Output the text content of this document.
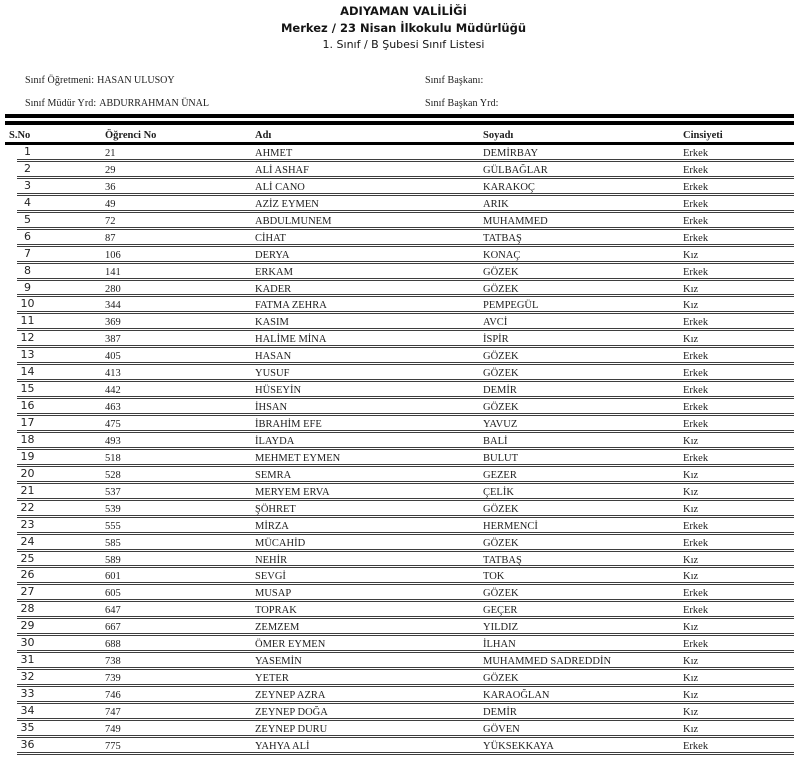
ADIYAMAN VALİLİĞİ
Merkez / 23 Nisan İlkokulu Müdürlüğü
1. Sınıf / B Şubesi Sınıf Listesi
Sınıf Öğretmeni: HASAN ULUSOY	Sınıf Başkanı:
Sınıf Müdür Yrd: ABDURRAHMAN ÜNAL	Sınıf Başkan Yrd:
S.No	Öğrenci No	Adı	Soyadı	Cinsiyeti
1	21	AHMET	DEMİRBAY	Erkek
2	29	ALİ ASHAF	GÜLBAĞLAR	Erkek
3	36	ALİ CANO	KARAKOÇ	Erkek
4	49	AZİZ EYMEN	ARIK	Erkek
5	72	ABDULMUNEM	MUHAMMED	Erkek
6	87	CİHAT	TATBAŞ	Erkek
7	106	DERYA	KONAÇ	Kız
8	141	ERKAM	GÖZEK	Erkek
9	280	KADER	GÖZEK	Kız
10	344	FATMA ZEHRA	PEMPEGÜL	Kız
11	369	KASIM	AVCİ	Erkek
12	387	HALİME MİNA	İSPİR	Kız
13	405	HASAN	GÖZEK	Erkek
14	413	YUSUF	GÖZEK	Erkek
15	442	HÜSEYİN	DEMİR	Erkek
16	463	İHSAN	GÖZEK	Erkek
17	475	İBRAHİM EFE	YAVUZ	Erkek
18	493	İLAYDA	BALİ	Kız
19	518	MEHMET EYMEN	BULUT	Erkek
20	528	SEMRA	GEZER	Kız
21	537	MERYEM ERVA	ÇELİK	Kız
22	539	ŞÖHRET	GÖZEK	Kız
23	555	MİRZA	HERMENCİ	Erkek
24	585	MÜCAHİD	GÖZEK	Erkek
25	589	NEHİR	TATBAŞ	Kız
26	601	SEVGİ	TOK	Kız
27	605	MUSAP	GÖZEK	Erkek
28	647	TOPRAK	GEÇER	Erkek
29	667	ZEMZEM	YILDIZ	Kız
30	688	ÖMER EYMEN	İLHAN	Erkek
31	738	YASEMİN	MUHAMMED SADREDDİN	Kız
32	739	YETER	GÖZEK	Kız
33	746	ZEYNEP AZRA	KARAOĞLAN	Kız
34	747	ZEYNEP DOĞA	DEMİR	Kız
35	749	ZEYNEP DURU	GÖVEN	Kız
36	775	YAHYA ALİ	YÜKSEKKAYA	Erkek
